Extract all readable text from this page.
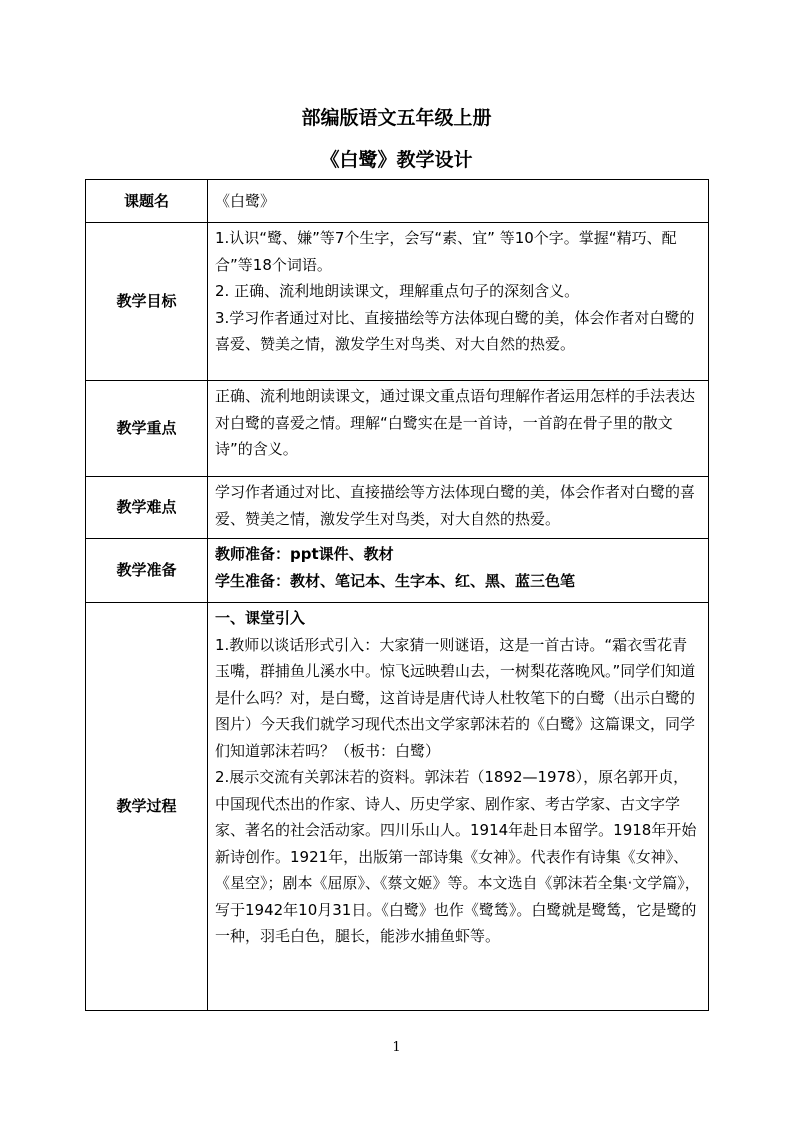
部编版语文五年级上册
《白鹭》教学设计
课题名	《白鹭》

教学目标	1.认识“鹭、嫌”等7个生字，会写“素、宜” 等10个字。掌握“精巧、配合”等18个词语。

2. 正确、流利地朗读课文，理解重点句子的深刻含义。

3.学习作者通过对比、直接描绘等方法体现白鹭的美，体会作者对白鹭的喜爱、赞美之情，激发学生对鸟类、对大自然的热爱。

教学重点	正确、流利地朗读课文，通过课文重点语句理解作者运用怎样的手法表达对白鹭的喜爱之情。理解“白鹭实在是一首诗，一首韵在骨子里的散文诗”的含义。

教学难点	学习作者通过对比、直接描绘等方法体现白鹭的美，体会作者对白鹭的喜爱、赞美之情，激发学生对鸟类，对大自然的热爱。

教学准备	教师准备：ppt课件、教材

学生准备：教材、笔记本、生字本、红、黑、蓝三色笔

教学过程	一、课堂引入

1.教师以谈话形式引入：大家猜一则谜语，这是一首古诗。“霜衣雪花青玉嘴，群捕鱼儿溪水中。惊飞远映碧山去，一树梨花落晚风。”同学们知道是什么吗？对，是白鹭，这首诗是唐代诗人杜牧笔下的白鹭（出示白鹭的图片）今天我们就学习现代杰出文学家郭沫若的《白鹭》这篇课文，同学们知道郭沫若吗？（板书：白鹭）

2.展示交流有关郭沫若的资料。郭沫若（1892—1978），原名郭开贞，中国现代杰出的作家、诗人、历史学家、剧作家、考古学家、古文字学家、著名的社会活动家。四川乐山人。1914年赴日本留学。1918年开始新诗创作。1921年，出版第一部诗集《女神》。代表作有诗集《女神》、《星空》；剧本《屈原》、《蔡文姬》等。本文选自《郭沫若全集·文学篇》，写于1942年10月31日。《白鹭》也作《鹭鸶》。白鹭就是鹭鸶，它是鹭的一种，羽毛白色，腿长，能涉水捕鱼虾等。

1
